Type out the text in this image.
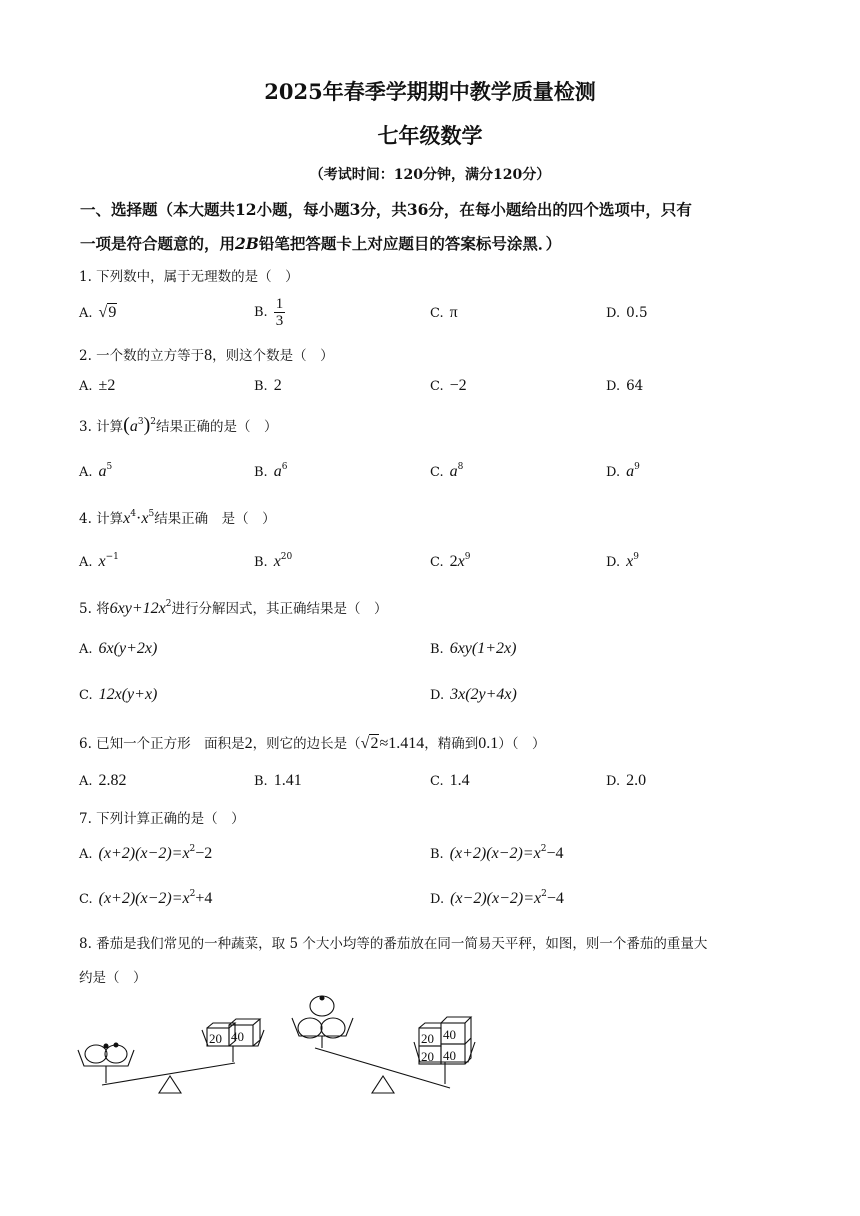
2025年春季学期期中教学质量检测
七年级数学
（考试时间：120分钟，满分120分）
一、选择题（本大题共12小题，每小题3分，共36分，在每小题给出的四个选项中，只有
一项是符合题意的，用2B铅笔把答题卡上对应题目的答案标号涂黑．）
1. 下列数中，属于无理数的是（　）
A. √9	B. $\frac{1}{3}$	C. π	D. 0.5
2. 一个数的立方等于8，则这个数是（　）
A. ±2	B. 2	C. −2	D. 64
3. 计算$(a^3)^2$结果正确的是（　）
A. $a^5$	B. $a^6$	C. $a^8$	D. $a^9$
4. 计算$x^4\cdot x^5$结果正确　是（　）
A. $x^{-1}$	B. $x^{20}$	C. $2x^9$	D. $x^9$
5. 将$6xy+12x^2$进行分解因式，其正确结果是（　）
A. 6x(y+2x)	B. 6xy(1+2x)
C. 12x(y+x)	D. 3x(2y+4x)
6. 已知一个正方形　面积是2，则它的边长是（√2≈1.414，精确到0.1）（　）
A. 2.82	B. 1.41	C. 1.4	D. 2.0
7. 下列计算正确的是（　）
A. $(x+2)(x-2)=x^2-2$	B. $(x+2)(x-2)=x^2-4$
C. $(x+2)(x-2)=x^2+4$	D. $(x-2)(x-2)=x^2-4$
8. 番茄是我们常见的一种蔬菜，取 5 个大小均等的番茄放在同一简易天平秤，如图，则一个番茄的重量大
约是（　）
20 40	20 40
20 40
